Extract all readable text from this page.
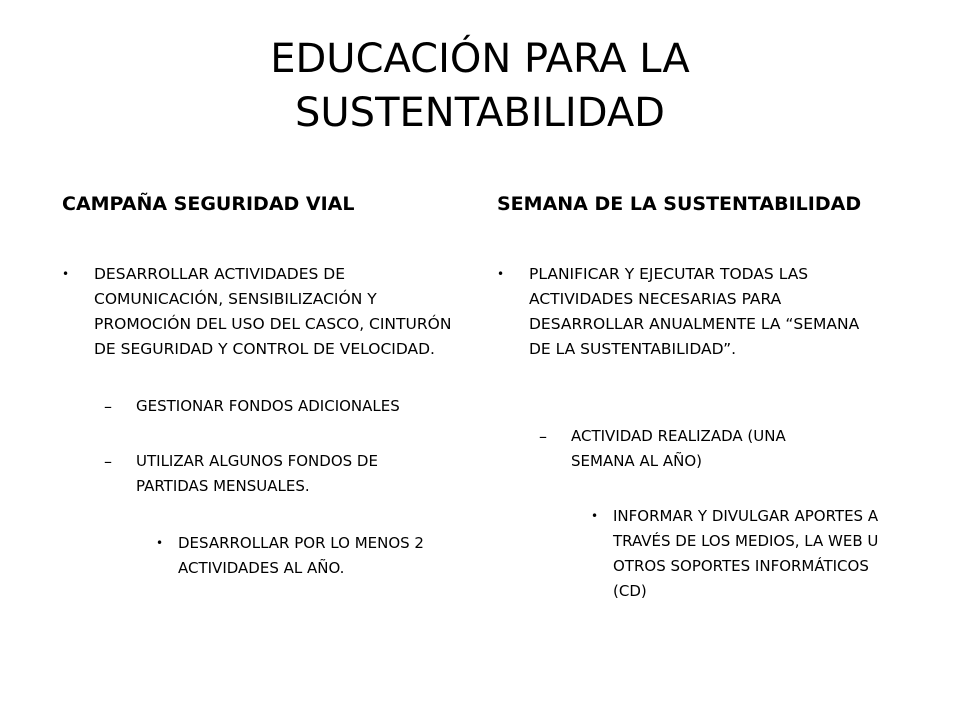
EDUCACIÓN PARA LA
SUSTENTABILIDAD
CAMPAÑA SEGURIDAD VIAL
• DESARROLLAR ACTIVIDADES DE COMUNICACIÓN, SENSIBILIZACIÓN Y PROMOCIÓN DEL USO DEL CASCO, CINTURÓN DE SEGURIDAD Y CONTROL DE VELOCIDAD.
– GESTIONAR FONDOS ADICIONALES
– UTILIZAR ALGUNOS FONDOS DE PARTIDAS MENSUALES.
• DESARROLLAR POR LO MENOS 2 ACTIVIDADES AL AÑO.
SEMANA DE LA SUSTENTABILIDAD
• PLANIFICAR Y EJECUTAR TODAS LAS ACTIVIDADES NECESARIAS PARA DESARROLLAR ANUALMENTE LA “SEMANA DE LA SUSTENTABILIDAD”.
– ACTIVIDAD REALIZADA (UNA SEMANA AL AÑO)
• INFORMAR Y DIVULGAR APORTES A TRAVÉS DE LOS MEDIOS, LA WEB U OTROS SOPORTES INFORMÁTICOS (CD)
